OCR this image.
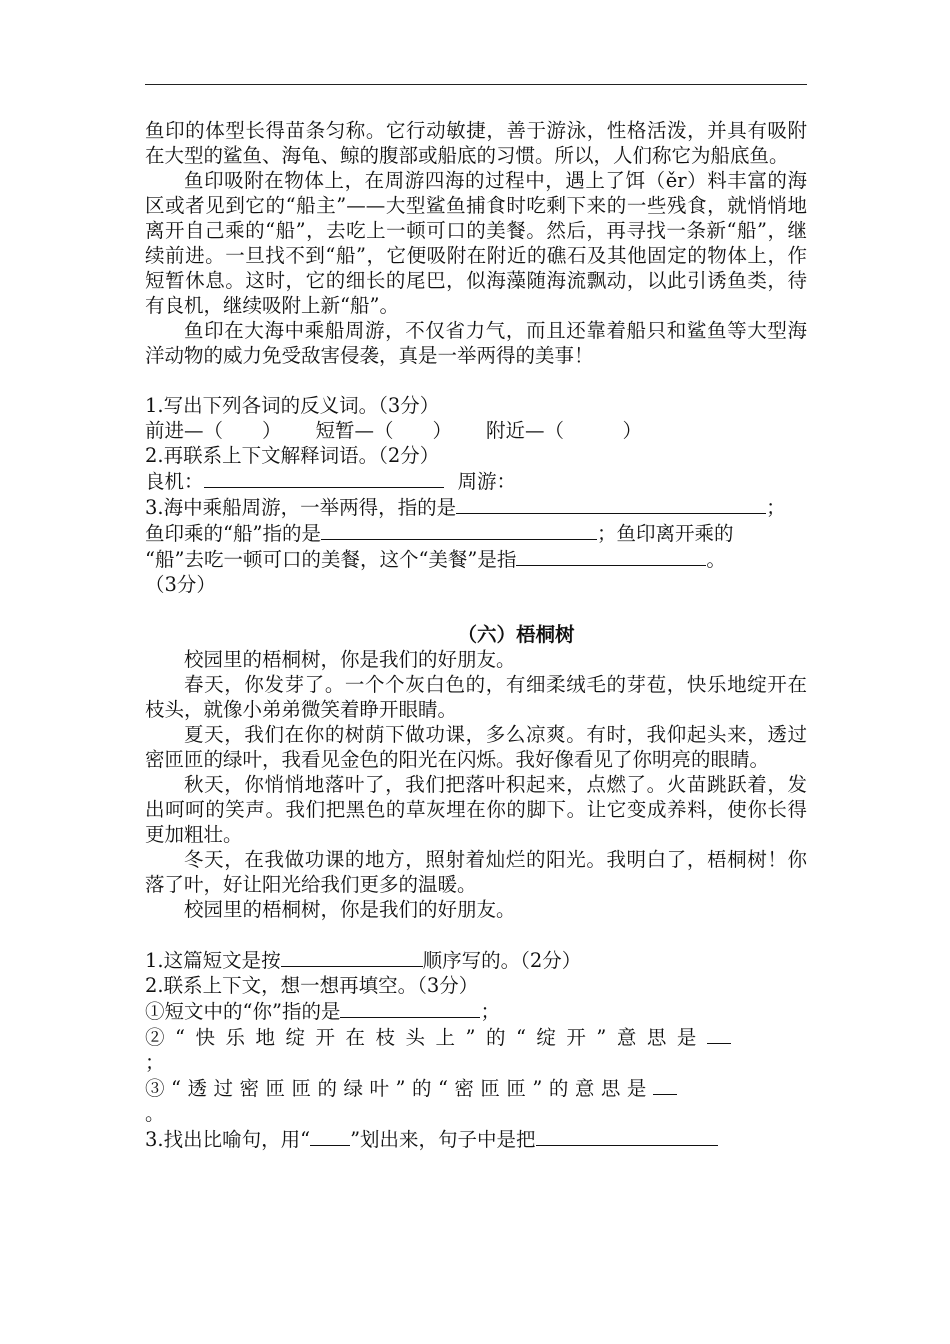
鱼印的体型长得苗条匀称。它行动敏捷，善于游泳，性格活泼，并具有吸附在大型的鲨鱼、海龟、鲸的腹部或船底的习惯。所以，人们称它为船底鱼。

鱼印吸附在物体上，在周游四海的过程中，遇上了饵（ěr）料丰富的海区或者见到它的“船主”——大型鲨鱼捕食时吃剩下来的一些残食，就悄悄地离开自己乘的“船”，去吃上一顿可口的美餐。然后，再寻找一条新“船”，继续前进。一旦找不到“船”，它便吸附在附近的礁石及其他固定的物体上，作短暂休息。这时，它的细长的尾巴，似海藻随海流飘动，以此引诱鱼类，待有良机，继续吸附上新“船”。

鱼印在大海中乘船周游，不仅省力气，而且还靠着船只和鲨鱼等大型海洋动物的威力免受敌害侵袭，真是一举两得的美事！

1.写出下列各词的反义词。（3分）

前进—（　　） 短暂—（　　） 附近—（　　　）

2.再联系上下文解释词语。（2分）

良机：	周游：
3.海中乘船周游，一举两得，指的是	；
鱼印乘的“船”指的是	；鱼印离开乘的
“船”去吃一顿可口的美餐，这个“美餐”是指	。

（3分）

（六）梧桐树

校园里的梧桐树，你是我们的好朋友。

春天，你发芽了。一个个灰白色的，有细柔绒毛的芽苞，快乐地绽开在枝头，就像小弟弟微笑着睁开眼睛。

夏天，我们在你的树荫下做功课，多么凉爽。有时，我仰起头来，透过密匝匝的绿叶，我看见金色的阳光在闪烁。我好像看见了你明亮的眼睛。

秋天，你悄悄地落叶了，我们把落叶积起来，点燃了。火苗跳跃着，发出呵呵的笑声。我们把黑色的草灰埋在你的脚下。让它变成养料，使你长得更加粗壮。

冬天，在我做功课的地方，照射着灿烂的阳光。我明白了，梧桐树！你落了叶，好让阳光给我们更多的温暖。

校园里的梧桐树，你是我们的好朋友。

1.这篇短文是按	顺序写的。（2分）

2.联系上下文，想一想再填空。（3分）

①短文中的“你”指的是	；
②“快乐地绽开在枝头上”的“绽开”意思是

；

③“透过密匝匝的绿叶”的“密匝匝”的意思是

。

3.找出比喻句，用“ ”划出来，句子中是把
